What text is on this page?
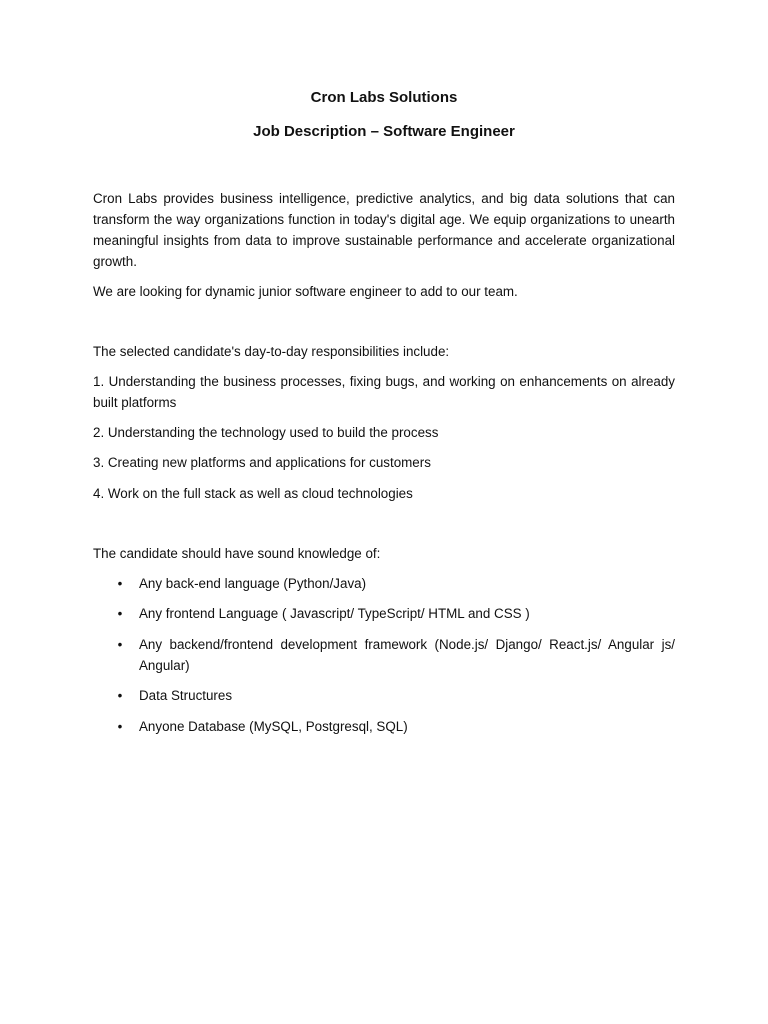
Cron Labs Solutions
Job Description – Software Engineer

Cron Labs provides business intelligence, predictive analytics, and big data solutions that can transform the way organizations function in today's digital age. We equip organizations to unearth meaningful insights from data to improve sustainable performance and accelerate organizational growth.

We are looking for dynamic junior software engineer to add to our team.

The selected candidate's day-to-day responsibilities include:

1. Understanding the business processes, fixing bugs, and working on enhancements on already built platforms

2. Understanding the technology used to build the process

3. Creating new platforms and applications for customers

4. Work on the full stack as well as cloud technologies

The candidate should have sound knowledge of:

• Any back-end language (Python/Java)
• Any frontend Language ( Javascript/ TypeScript/ HTML and CSS )
• Any backend/frontend development framework (Node.js/ Django/ React.js/ Angular js/ Angular)
• Data Structures
• Anyone Database (MySQL, Postgresql, SQL)
